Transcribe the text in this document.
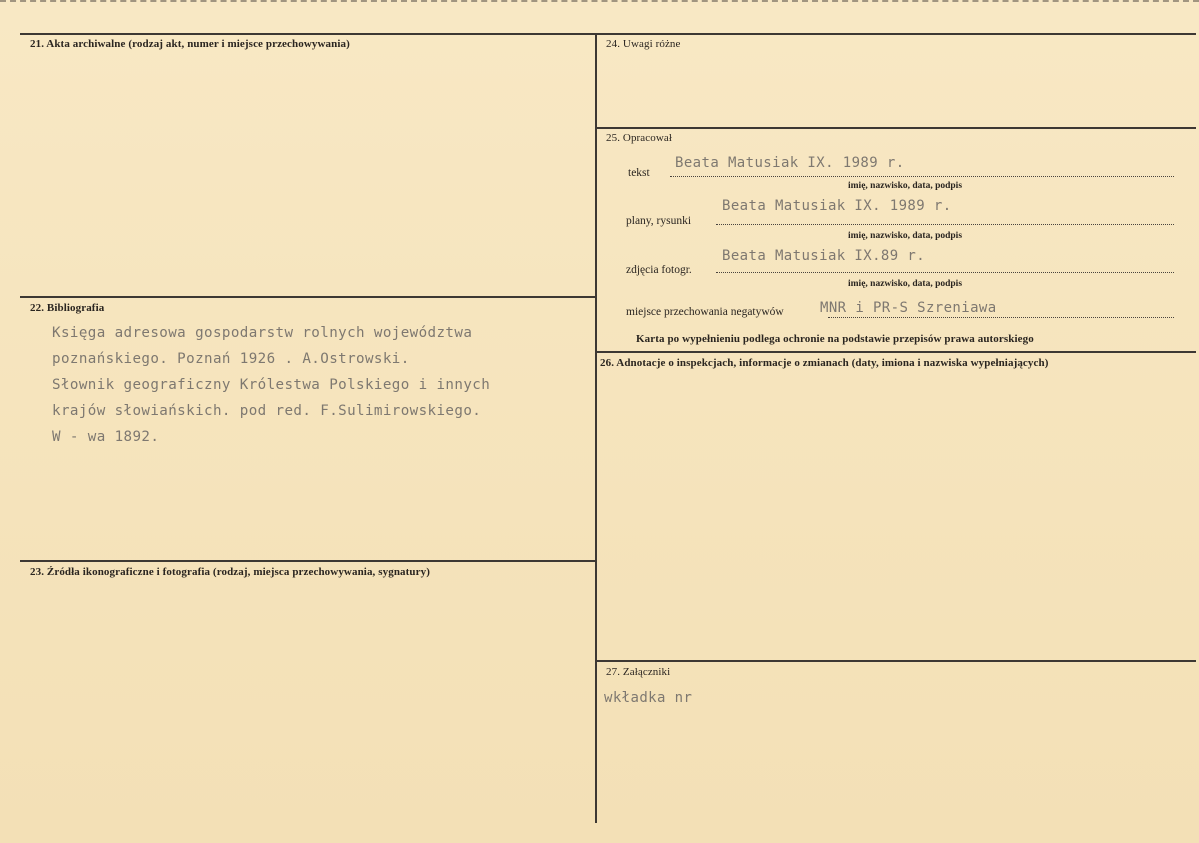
21. Akta archiwalne (rodzaj akt, numer i miejsce przechowywania)
22. Bibliografia
Księga adresowa gospodarstw rolnych województwa
poznańskiego. Poznań 1926 . A.Ostrowski.
Słownik geograficzny Królestwa Polskiego i innych
krajów słowiańskich. pod red. F.Sulimirowskiego.
W - wa 1892.
23. Źródła ikonograficzne i fotografia (rodzaj, miejsca przechowywania, sygnatury)
24. Uwagi różne
25. Opracował
tekst
Beata Matusiak IX. 1989 r.
imię, nazwisko, data, podpis
plany, rysunki
Beata Matusiak IX. 1989 r.
imię, nazwisko, data, podpis
zdjęcia fotogr.
Beata Matusiak IX.89 r.
imię, nazwisko, data, podpis
miejsce przechowania negatywów	MNR i PR-S Szreniawa
Karta po wypełnieniu podlega ochronie na podstawie przepisów prawa autorskiego
26. Adnotacje o inspekcjach, informacje o zmianach (daty, imiona i nazwiska wypełniających)
27. Załączniki
wkładka nr
